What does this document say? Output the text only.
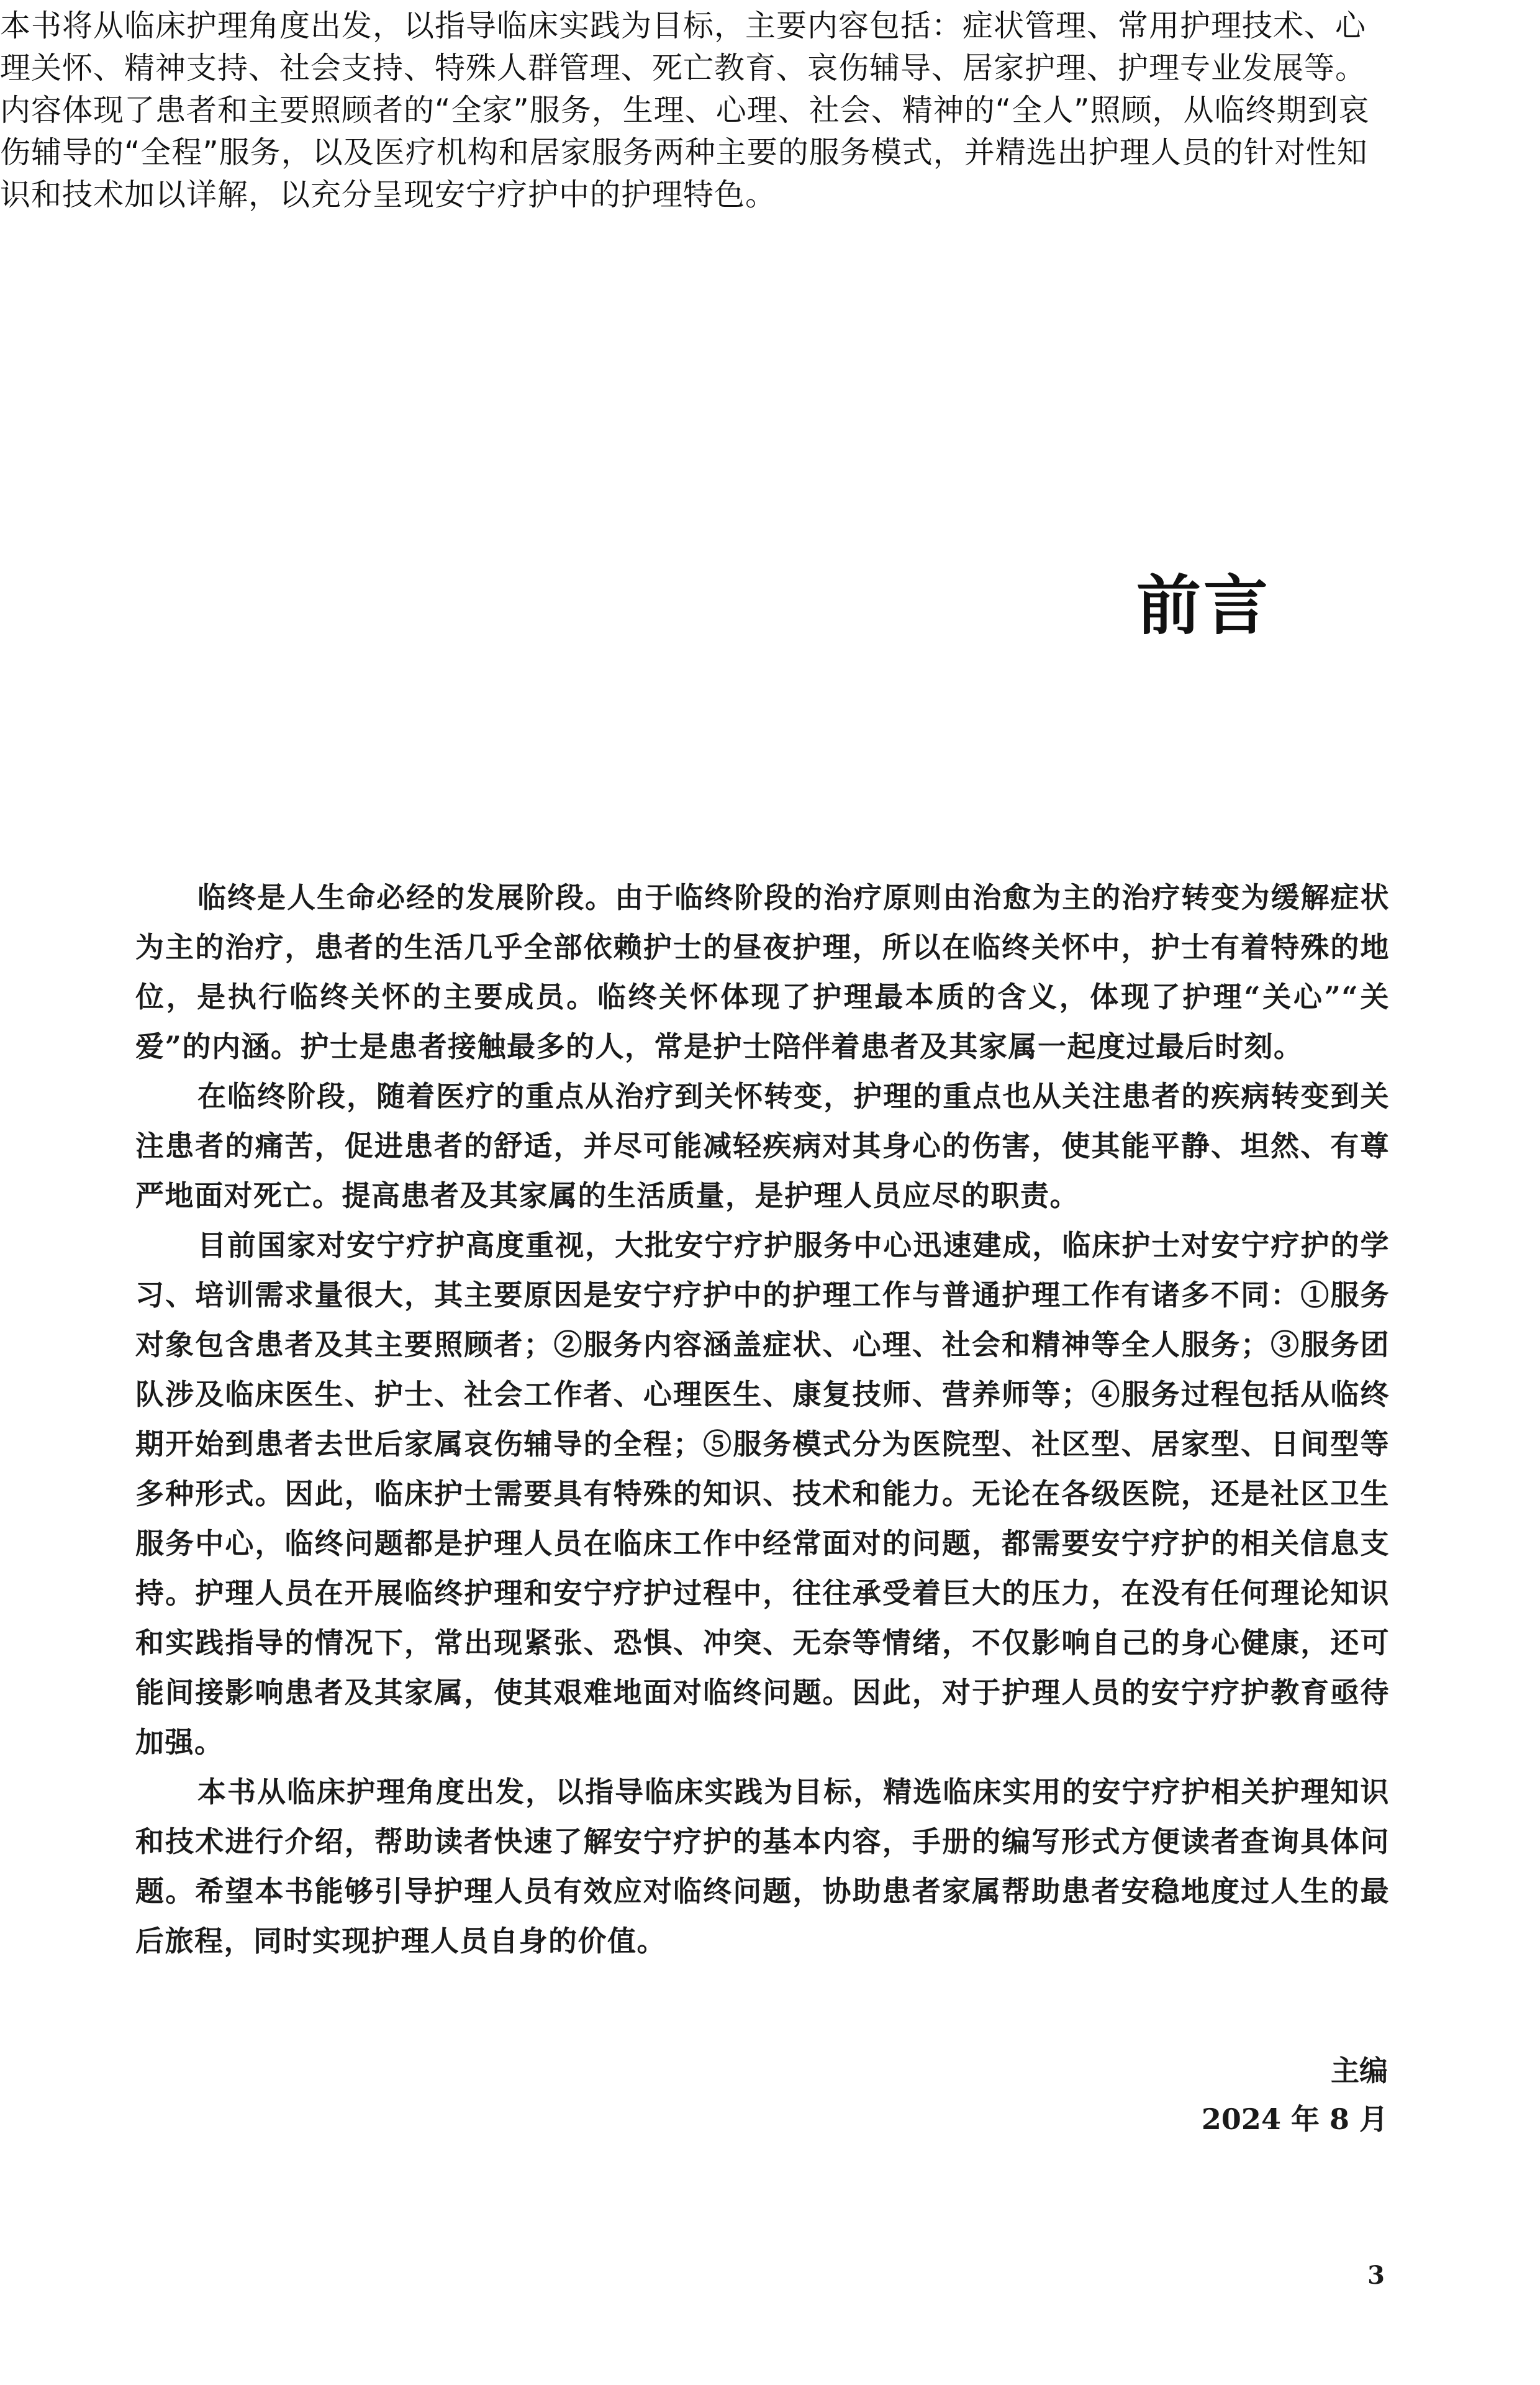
本书将从临床护理角度出发，以指导临床实践为目标，主要内容包括：症状管理、常用护理技术、心理关怀、精神支持、社会支持、特殊人群管理、死亡教育、哀伤辅导、居家护理、护理专业发展等。内容体现了患者和主要照顾者的“全家”服务，生理、心理、社会、精神的“全人”照顾，从临终期到哀伤辅导的“全程”服务，以及医疗机构和居家服务两种主要的服务模式，并精选出护理人员的针对性知识和技术加以详解，以充分呈现安宁疗护中的护理特色。

前言

临终是人生命必经的发展阶段。由于临终阶段的治疗原则由治愈为主的治疗转变为缓解症状为主的治疗，患者的生活几乎全部依赖护士的昼夜护理，所以在临终关怀中，护士有着特殊的地位，是执行临终关怀的主要成员。临终关怀体现了护理最本质的含义，体现了护理“关心”“关爱”的内涵。护士是患者接触最多的人，常是护士陪伴着患者及其家属一起度过最后时刻。

在临终阶段，随着医疗的重点从治疗到关怀转变，护理的重点也从关注患者的疾病转变到关注患者的痛苦，促进患者的舒适，并尽可能减轻疾病对其身心的伤害，使其能平静、坦然、有尊严地面对死亡。提高患者及其家属的生活质量，是护理人员应尽的职责。

目前国家对安宁疗护高度重视，大批安宁疗护服务中心迅速建成，临床护士对安宁疗护的学习、培训需求量很大，其主要原因是安宁疗护中的护理工作与普通护理工作有诸多不同：①服务对象包含患者及其主要照顾者；②服务内容涵盖症状、心理、社会和精神等全人服务；③服务团队涉及临床医生、护士、社会工作者、心理医生、康复技师、营养师等；④服务过程包括从临终期开始到患者去世后家属哀伤辅导的全程；⑤服务模式分为医院型、社区型、居家型、日间型等多种形式。因此，临床护士需要具有特殊的知识、技术和能力。无论在各级医院，还是社区卫生服务中心，临终问题都是护理人员在临床工作中经常面对的问题，都需要安宁疗护的相关信息支持。护理人员在开展临终护理和安宁疗护过程中，往往承受着巨大的压力，在没有任何理论知识和实践指导的情况下，常出现紧张、恐惧、冲突、无奈等情绪，不仅影响自己的身心健康，还可能间接影响患者及其家属，使其艰难地面对临终问题。因此，对于护理人员的安宁疗护教育亟待加强。

本书从临床护理角度出发，以指导临床实践为目标，精选临床实用的安宁疗护相关护理知识和技术进行介绍，帮助读者快速了解安宁疗护的基本内容，手册的编写形式方便读者查询具体问题。希望本书能够引导护理人员有效应对临终问题，协助患者家属帮助患者安稳地度过人生的最后旅程，同时实现护理人员自身的价值。

主编
2024 年 8 月
3
